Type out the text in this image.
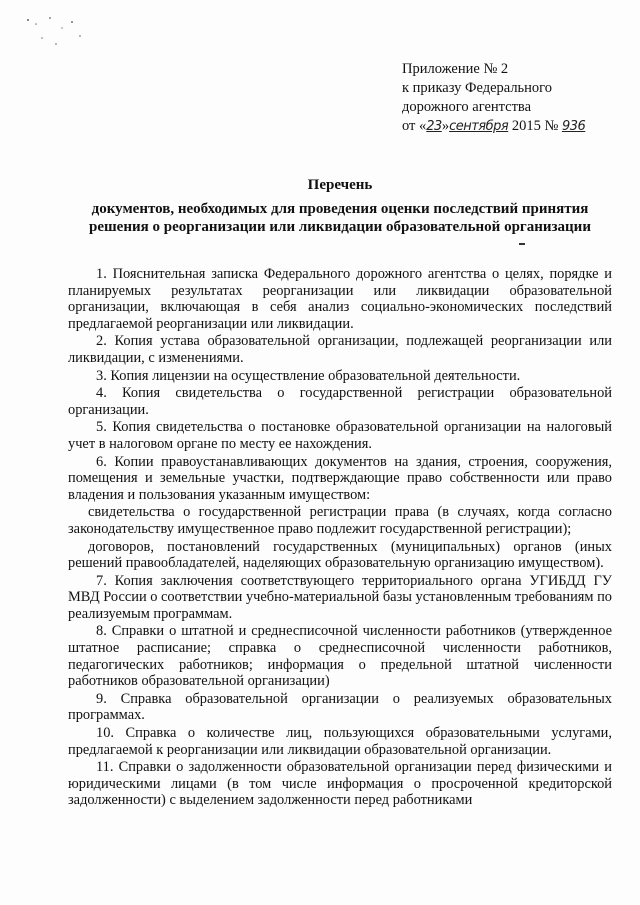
Приложение № 2
к приказу Федерального
дорожного агентства
от «23»сентября 2015 № 936
Перечень
документов, необходимых для проведения оценки последствий принятия
решения о реорганизации или ликвидации образовательной организации

1. Пояснительная записка Федерального дорожного агентства о целях, порядке и планируемых результатах реорганизации или ликвидации образовательной организации, включающая в себя анализ социально-экономических последствий предлагаемой реорганизации или ликвидации.

2. Копия устава образовательной организации, подлежащей реорганизации или ликвидации, с изменениями.

3. Копия лицензии на осуществление образовательной деятельности.

4. Копия свидетельства о государственной регистрации образовательной организации.

5. Копия свидетельства о постановке образовательной организации на налоговый учет в налоговом органе по месту ее нахождения.

6. Копии правоустанавливающих документов на здания, строения, сооружения, помещения и земельные участки, подтверждающие право собственности или право владения и пользования указанным имуществом:

свидетельства о государственной регистрации права (в случаях, когда согласно законодательству имущественное право подлежит государственной регистрации);

договоров, постановлений государственных (муниципальных) органов (иных решений правообладателей, наделяющих образовательную организацию имуществом).

7. Копия заключения соответствующего территориального органа УГИБДД ГУ МВД России о соответствии учебно-материальной базы установленным требованиям по реализуемым программам.

8. Справки о штатной и среднесписочной численности работников (утвержденное штатное расписание; справка о среднесписочной численности работников, педагогических работников; информация о предельной штатной численности работников образовательной организации)

9. Справка образовательной организации о реализуемых образовательных программах.

10. Справка о количестве лиц, пользующихся образовательными услугами, предлагаемой к реорганизации или ликвидации образовательной организации.

11. Справки о задолженности образовательной организации перед физическими и юридическими лицами (в том числе информация о просроченной кредиторской задолженности) с выделением задолженности перед работниками
